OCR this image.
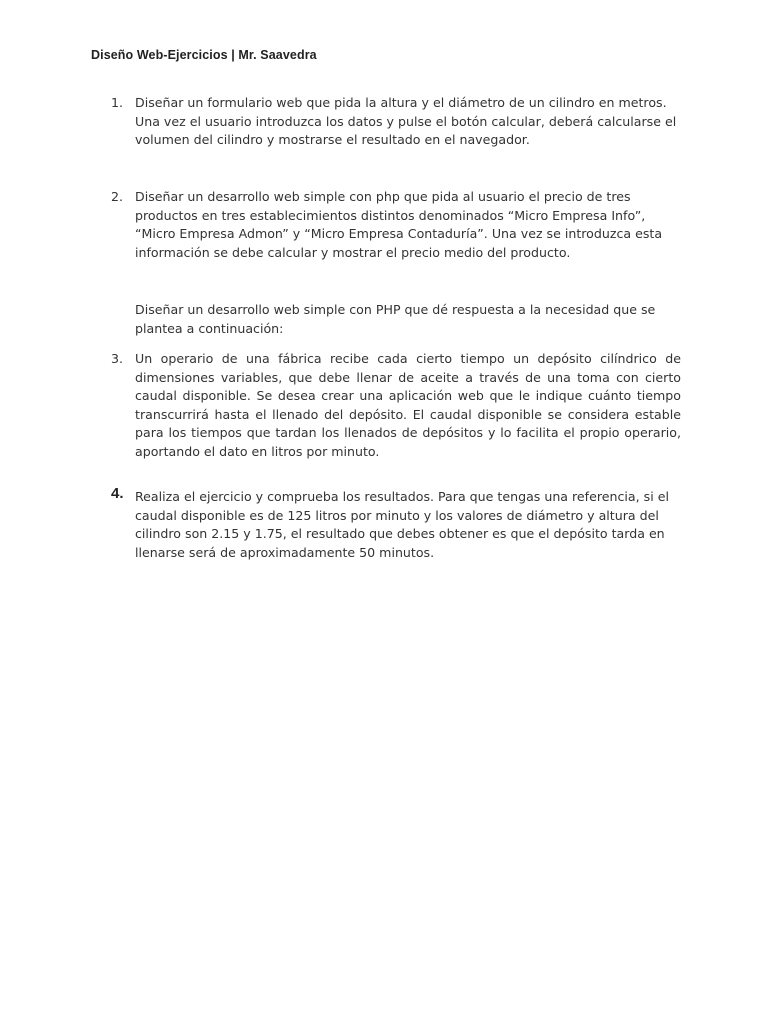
Diseño Web-Ejercicios | Mr. Saavedra
1. Diseñar un formulario web que pida la altura y el diámetro de un cilindro en metros. Una vez el usuario introduzca los datos y pulse el botón calcular, deberá calcularse el volumen del cilindro y mostrarse el resultado en el navegador.
2. Diseñar un desarrollo web simple con php que pida al usuario el precio de tres productos en tres establecimientos distintos denominados “Micro Empresa Info”, “Micro Empresa Admon” y “Micro Empresa Contaduría”. Una vez se introduzca esta información se debe calcular y mostrar el precio medio del producto.
Diseñar un desarrollo web simple con PHP que dé respuesta a la necesidad que se plantea a continuación:
3. Un operario de una fábrica recibe cada cierto tiempo un depósito cilíndrico de dimensiones variables, que debe llenar de aceite a través de una toma con cierto caudal disponible. Se desea crear una aplicación web que le indique cuánto tiempo transcurrirá hasta el llenado del depósito. El caudal disponible se considera estable para los tiempos que tardan los llenados de depósitos y lo facilita el propio operario, aportando el dato en litros por minuto.
4. Realiza el ejercicio y comprueba los resultados. Para que tengas una referencia, si el caudal disponible es de 125 litros por minuto y los valores de diámetro y altura del cilindro son 2.15 y 1.75, el resultado que debes obtener es que el depósito tarda en llenarse será de aproximadamente 50 minutos.
